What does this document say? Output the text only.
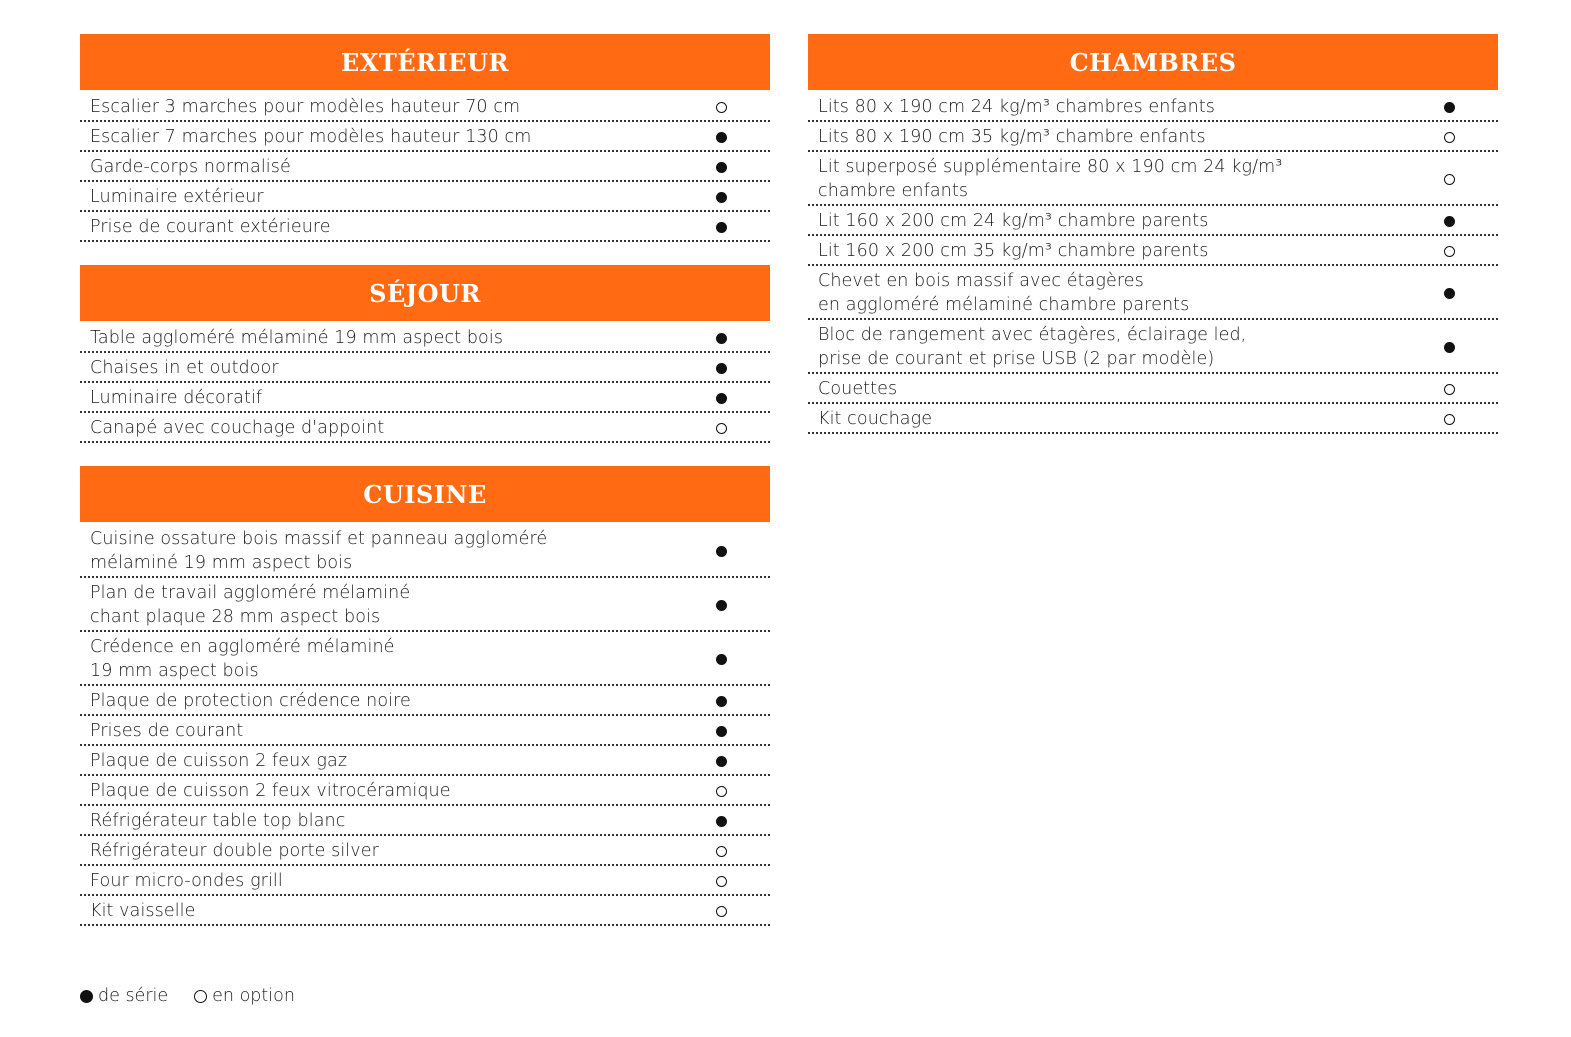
EXTÉRIEUR
Escalier 3 marches pour modèles hauteur 70 cm
Escalier 7 marches pour modèles hauteur 130 cm
Garde-corps normalisé
Luminaire extérieur
Prise de courant extérieure
SÉJOUR
Table aggloméré mélaminé 19 mm aspect bois
Chaises in et outdoor
Luminaire décoratif
Canapé avec couchage d'appoint
CUISINE
Cuisine ossature bois massif et panneau aggloméré
mélaminé 19 mm aspect bois
Plan de travail aggloméré mélaminé
chant plaque 28 mm aspect bois
Crédence en aggloméré mélaminé
19 mm aspect bois
Plaque de protection crédence noire
Prises de courant
Plaque de cuisson 2 feux gaz
Plaque de cuisson 2 feux vitrocéramique
Réfrigérateur table top blanc
Réfrigérateur double porte silver
Four micro-ondes grill
Kit vaisselle
CHAMBRES
Lits 80 x 190 cm 24 kg/m³ chambres enfants
Lits 80 x 190 cm 35 kg/m³ chambre enfants
Lit superposé supplémentaire 80 x 190 cm 24 kg/m³
chambre enfants
Lit 160 x 200 cm 24 kg/m³ chambre parents
Lit 160 x 200 cm 35 kg/m³ chambre parents
Chevet en bois massif avec étagères
en aggloméré mélaminé chambre parents
Bloc de rangement avec étagères, éclairage led,
prise de courant et prise USB (2 par modèle)
Couettes
Kit couchage
de série	en option
